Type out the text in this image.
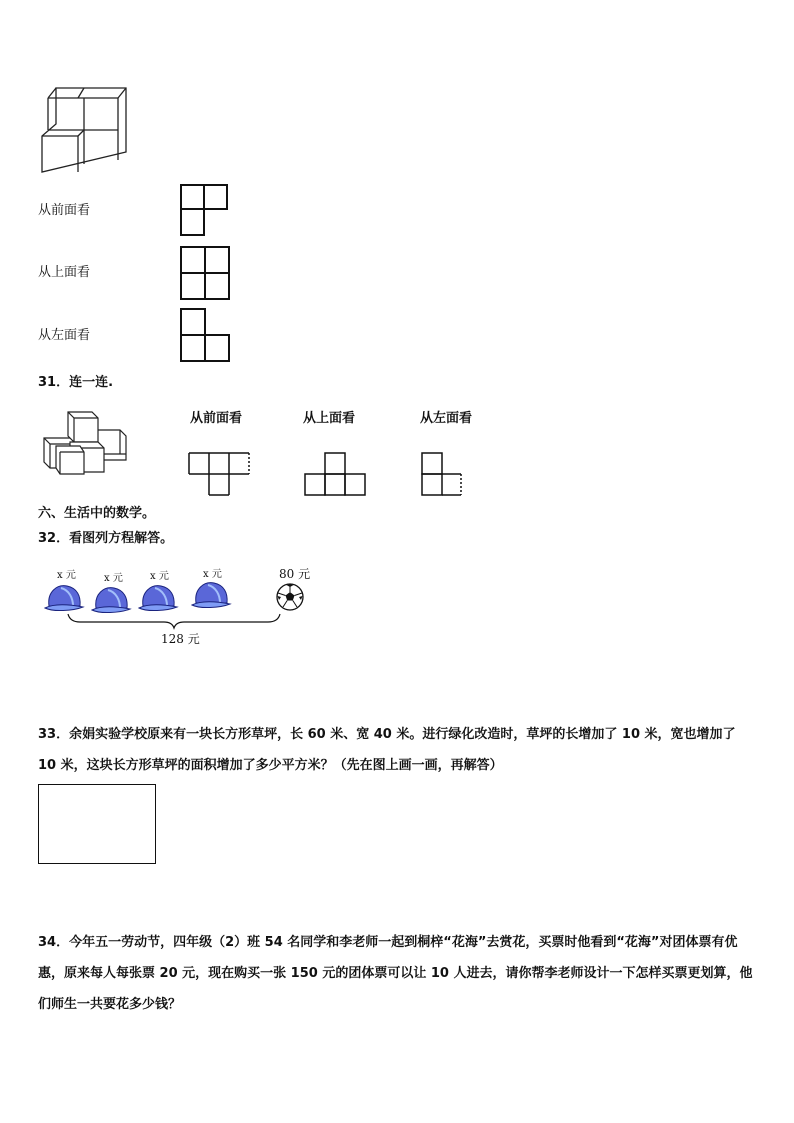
从前面看
从上面看
从左面看
31．连一连.
从前面看	从上面看	从左面看
六、生活中的数学。
32．看图列方程解答。
x 元	x 元	x 元	x 元	80 元
128 元
33．余娟实验学校原来有一块长方形草坪，长 60 米、宽 40 米。进行绿化改造时，草坪的长增加了 10 米，宽也增加了
10 米，这块长方形草坪的面积增加了多少平方米？（先在图上画一画，再解答）
34．今年五一劳动节，四年级（2）班 54 名同学和李老师一起到桐梓“花海”去赏花，买票时他看到“花海”对团体票有优惠，原来每人每张票 20 元，现在购买一张 150 元的团体票可以让 10 人进去，请你帮李老师设计一下怎样买票更划算，他们师生一共要花多少钱？
